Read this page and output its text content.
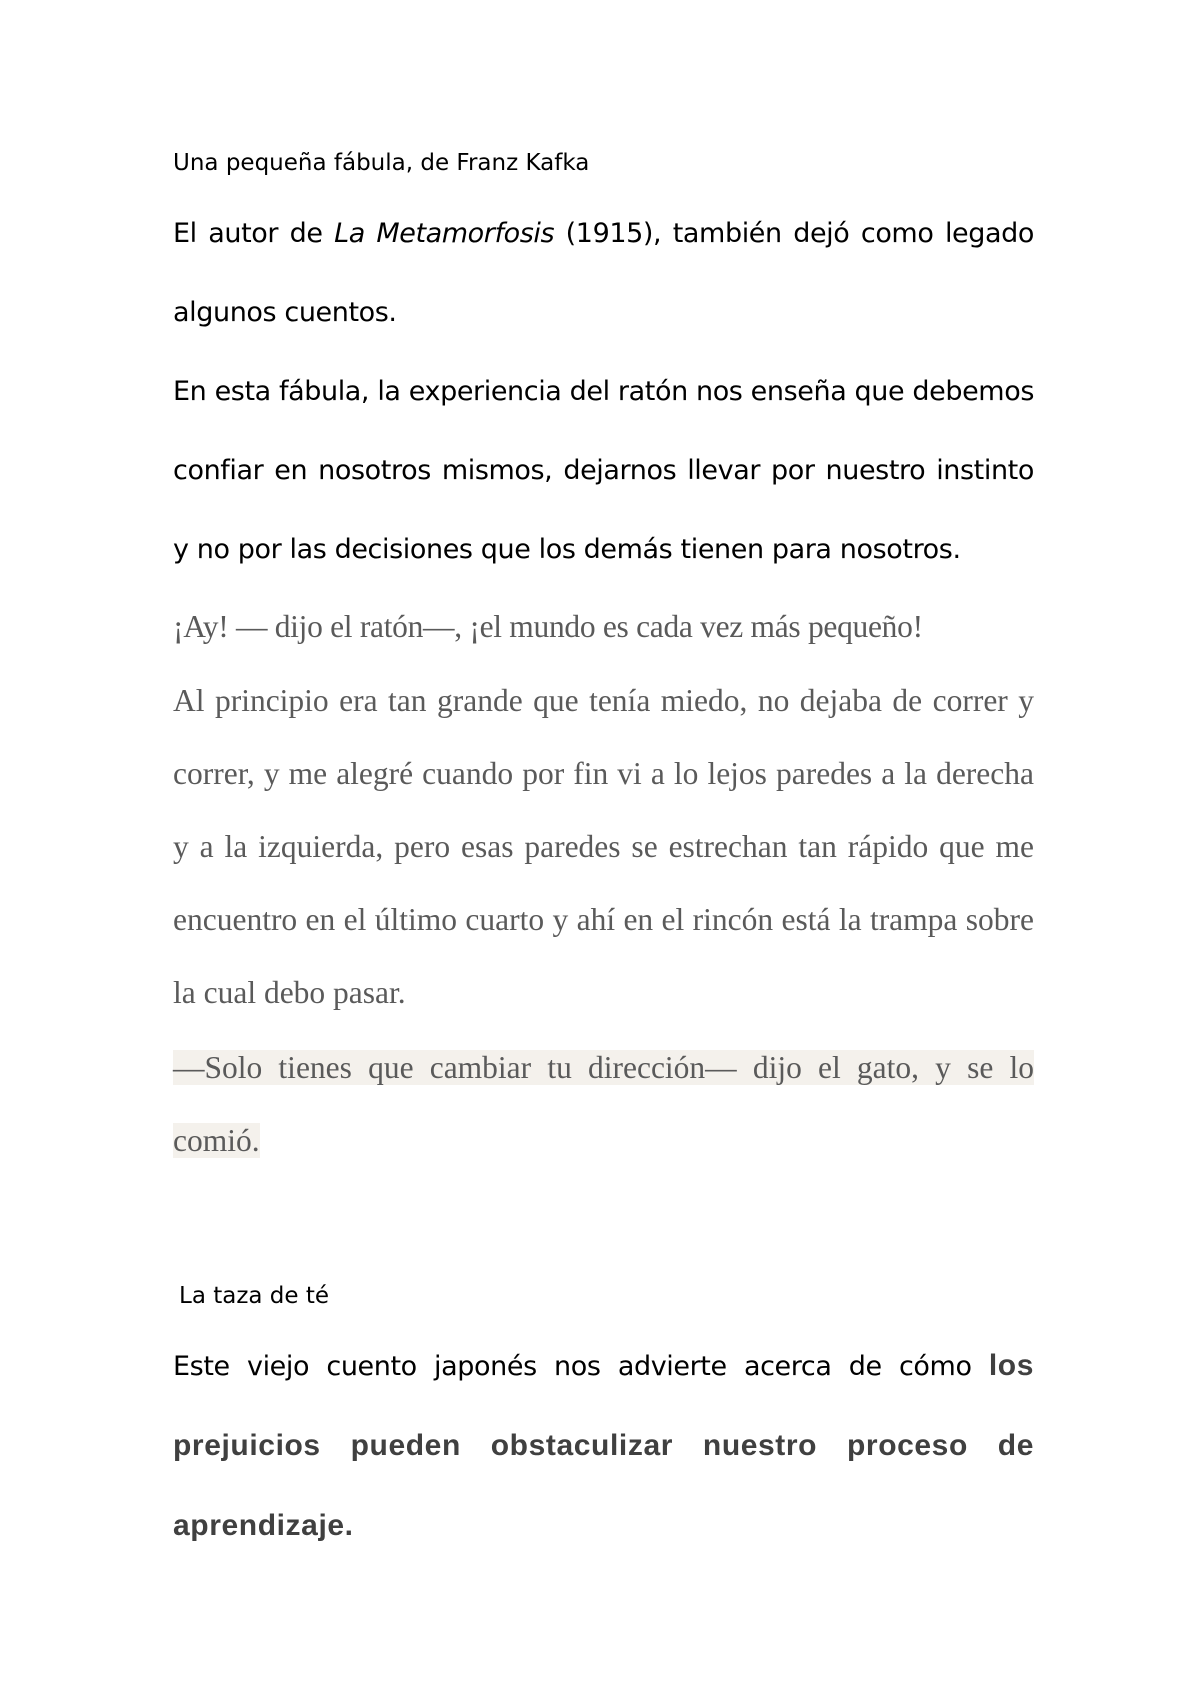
Una pequeña fábula, de Franz Kafka

El autor de La Metamorfosis (1915), también dejó como legado algunos cuentos.

En esta fábula, la experiencia del ratón nos enseña que debemos confiar en nosotros mismos, dejarnos llevar por nuestro instinto y no por las decisiones que los demás tienen para nosotros.

¡Ay! — dijo el ratón—, ¡el mundo es cada vez más pequeño!

Al principio era tan grande que tenía miedo, no dejaba de correr y correr, y me alegré cuando por fin vi a lo lejos paredes a la derecha y a la izquierda, pero esas paredes se estrechan tan rápido que me encuentro en el último cuarto y ahí en el rincón está la trampa sobre la cual debo pasar.

—Solo tienes que cambiar tu dirección— dijo el gato, y se lo comió.

La taza de té

Este viejo cuento japonés nos advierte acerca de cómo los prejuicios pueden obstaculizar nuestro proceso de aprendizaje.
